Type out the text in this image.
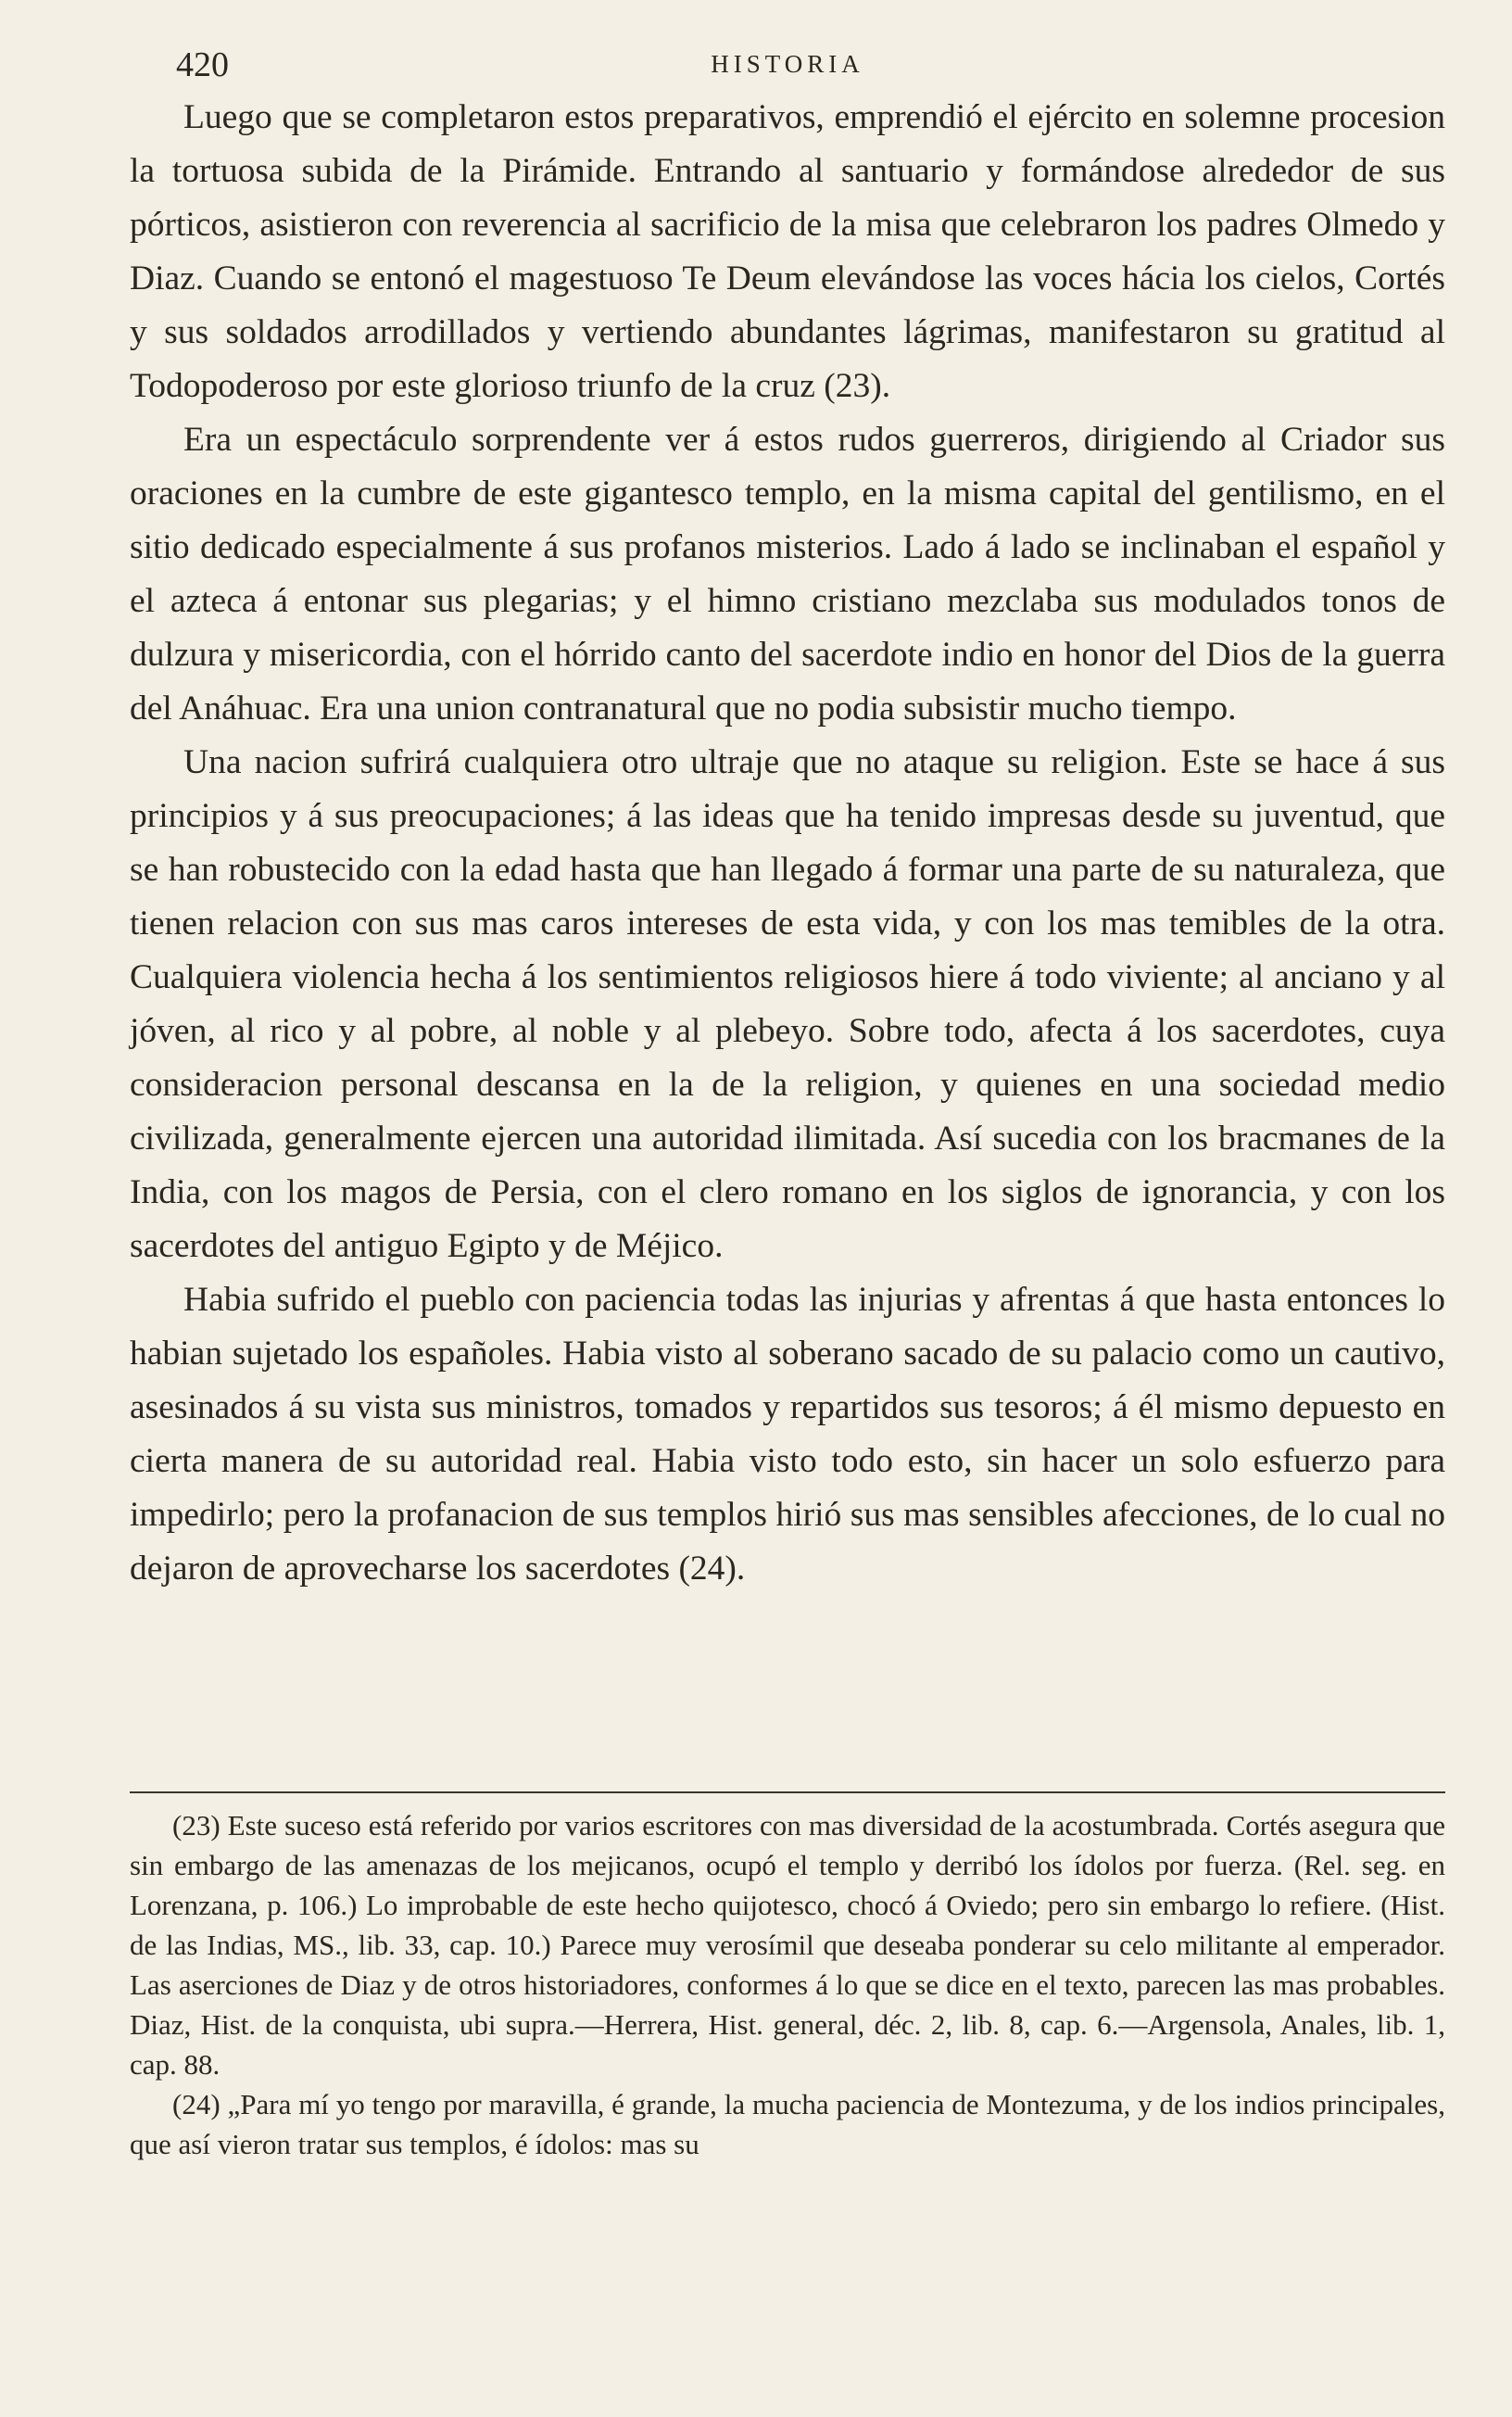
420	HISTORIA

Luego que se completaron estos preparativos, emprendió el ejército en solemne procesion la tortuosa subida de la Pirámide. Entrando al santuario y formándose alrededor de sus pórticos, asistieron con reverencia al sacrificio de la misa que celebraron los padres Olmedo y Diaz. Cuando se entonó el magestuoso Te Deum elevándose las voces hácia los cielos, Cortés y sus soldados arrodillados y vertiendo abundantes lágrimas, manifestaron su gratitud al Todopoderoso por este glorioso triunfo de la cruz (23).

Era un espectáculo sorprendente ver á estos rudos guerreros, dirigiendo al Criador sus oraciones en la cumbre de este gigantesco templo, en la misma capital del gentilismo, en el sitio dedicado especialmente á sus profanos misterios. Lado á lado se inclinaban el español y el azteca á entonar sus plegarias; y el himno cristiano mezclaba sus modulados tonos de dulzura y misericordia, con el hórrido canto del sacerdote indio en honor del Dios de la guerra del Anáhuac. Era una union contranatural que no podia subsistir mucho tiempo.

Una nacion sufrirá cualquiera otro ultraje que no ataque su religion. Este se hace á sus principios y á sus preocupaciones; á las ideas que ha tenido impresas desde su juventud, que se han robustecido con la edad hasta que han llegado á formar una parte de su naturaleza, que tienen relacion con sus mas caros intereses de esta vida, y con los mas temibles de la otra. Cualquiera violencia hecha á los sentimientos religiosos hiere á todo viviente; al anciano y al jóven, al rico y al pobre, al noble y al plebeyo. Sobre todo, afecta á los sacerdotes, cuya consideracion personal descansa en la de la religion, y quienes en una sociedad medio civilizada, generalmente ejercen una autoridad ilimitada. Así sucedia con los bracmanes de la India, con los magos de Persia, con el clero romano en los siglos de ignorancia, y con los sacerdotes del antiguo Egipto y de Méjico.

Habia sufrido el pueblo con paciencia todas las injurias y afrentas á que hasta entonces lo habian sujetado los españoles. Habia visto al soberano sacado de su palacio como un cautivo, asesinados á su vista sus ministros, tomados y repartidos sus tesoros; á él mismo depuesto en cierta manera de su autoridad real. Habia visto todo esto, sin hacer un solo esfuerzo para impedirlo; pero la profanacion de sus templos hirió sus mas sensibles afecciones, de lo cual no dejaron de aprovecharse los sacerdotes (24).

(23) Este suceso está referido por varios escritores con mas diversidad de la acostumbrada. Cortés asegura que sin embargo de las amenazas de los mejicanos, ocupó el templo y derribó los ídolos por fuerza. (Rel. seg. en Lorenzana, p. 106.) Lo improbable de este hecho quijotesco, chocó á Oviedo; pero sin embargo lo refiere. (Hist. de las Indias, MS., lib. 33, cap. 10.) Parece muy verosímil que deseaba ponderar su celo militante al emperador. Las aserciones de Diaz y de otros historiadores, conformes á lo que se dice en el texto, parecen las mas probables. Diaz, Hist. de la conquista, ubi supra.—Herrera, Hist. general, déc. 2, lib. 8, cap. 6.—Argensola, Anales, lib. 1, cap. 88.

(24) „Para mí yo tengo por maravilla, é grande, la mucha paciencia de Montezuma, y de los indios principales, que así vieron tratar sus templos, é ídolos: mas su
